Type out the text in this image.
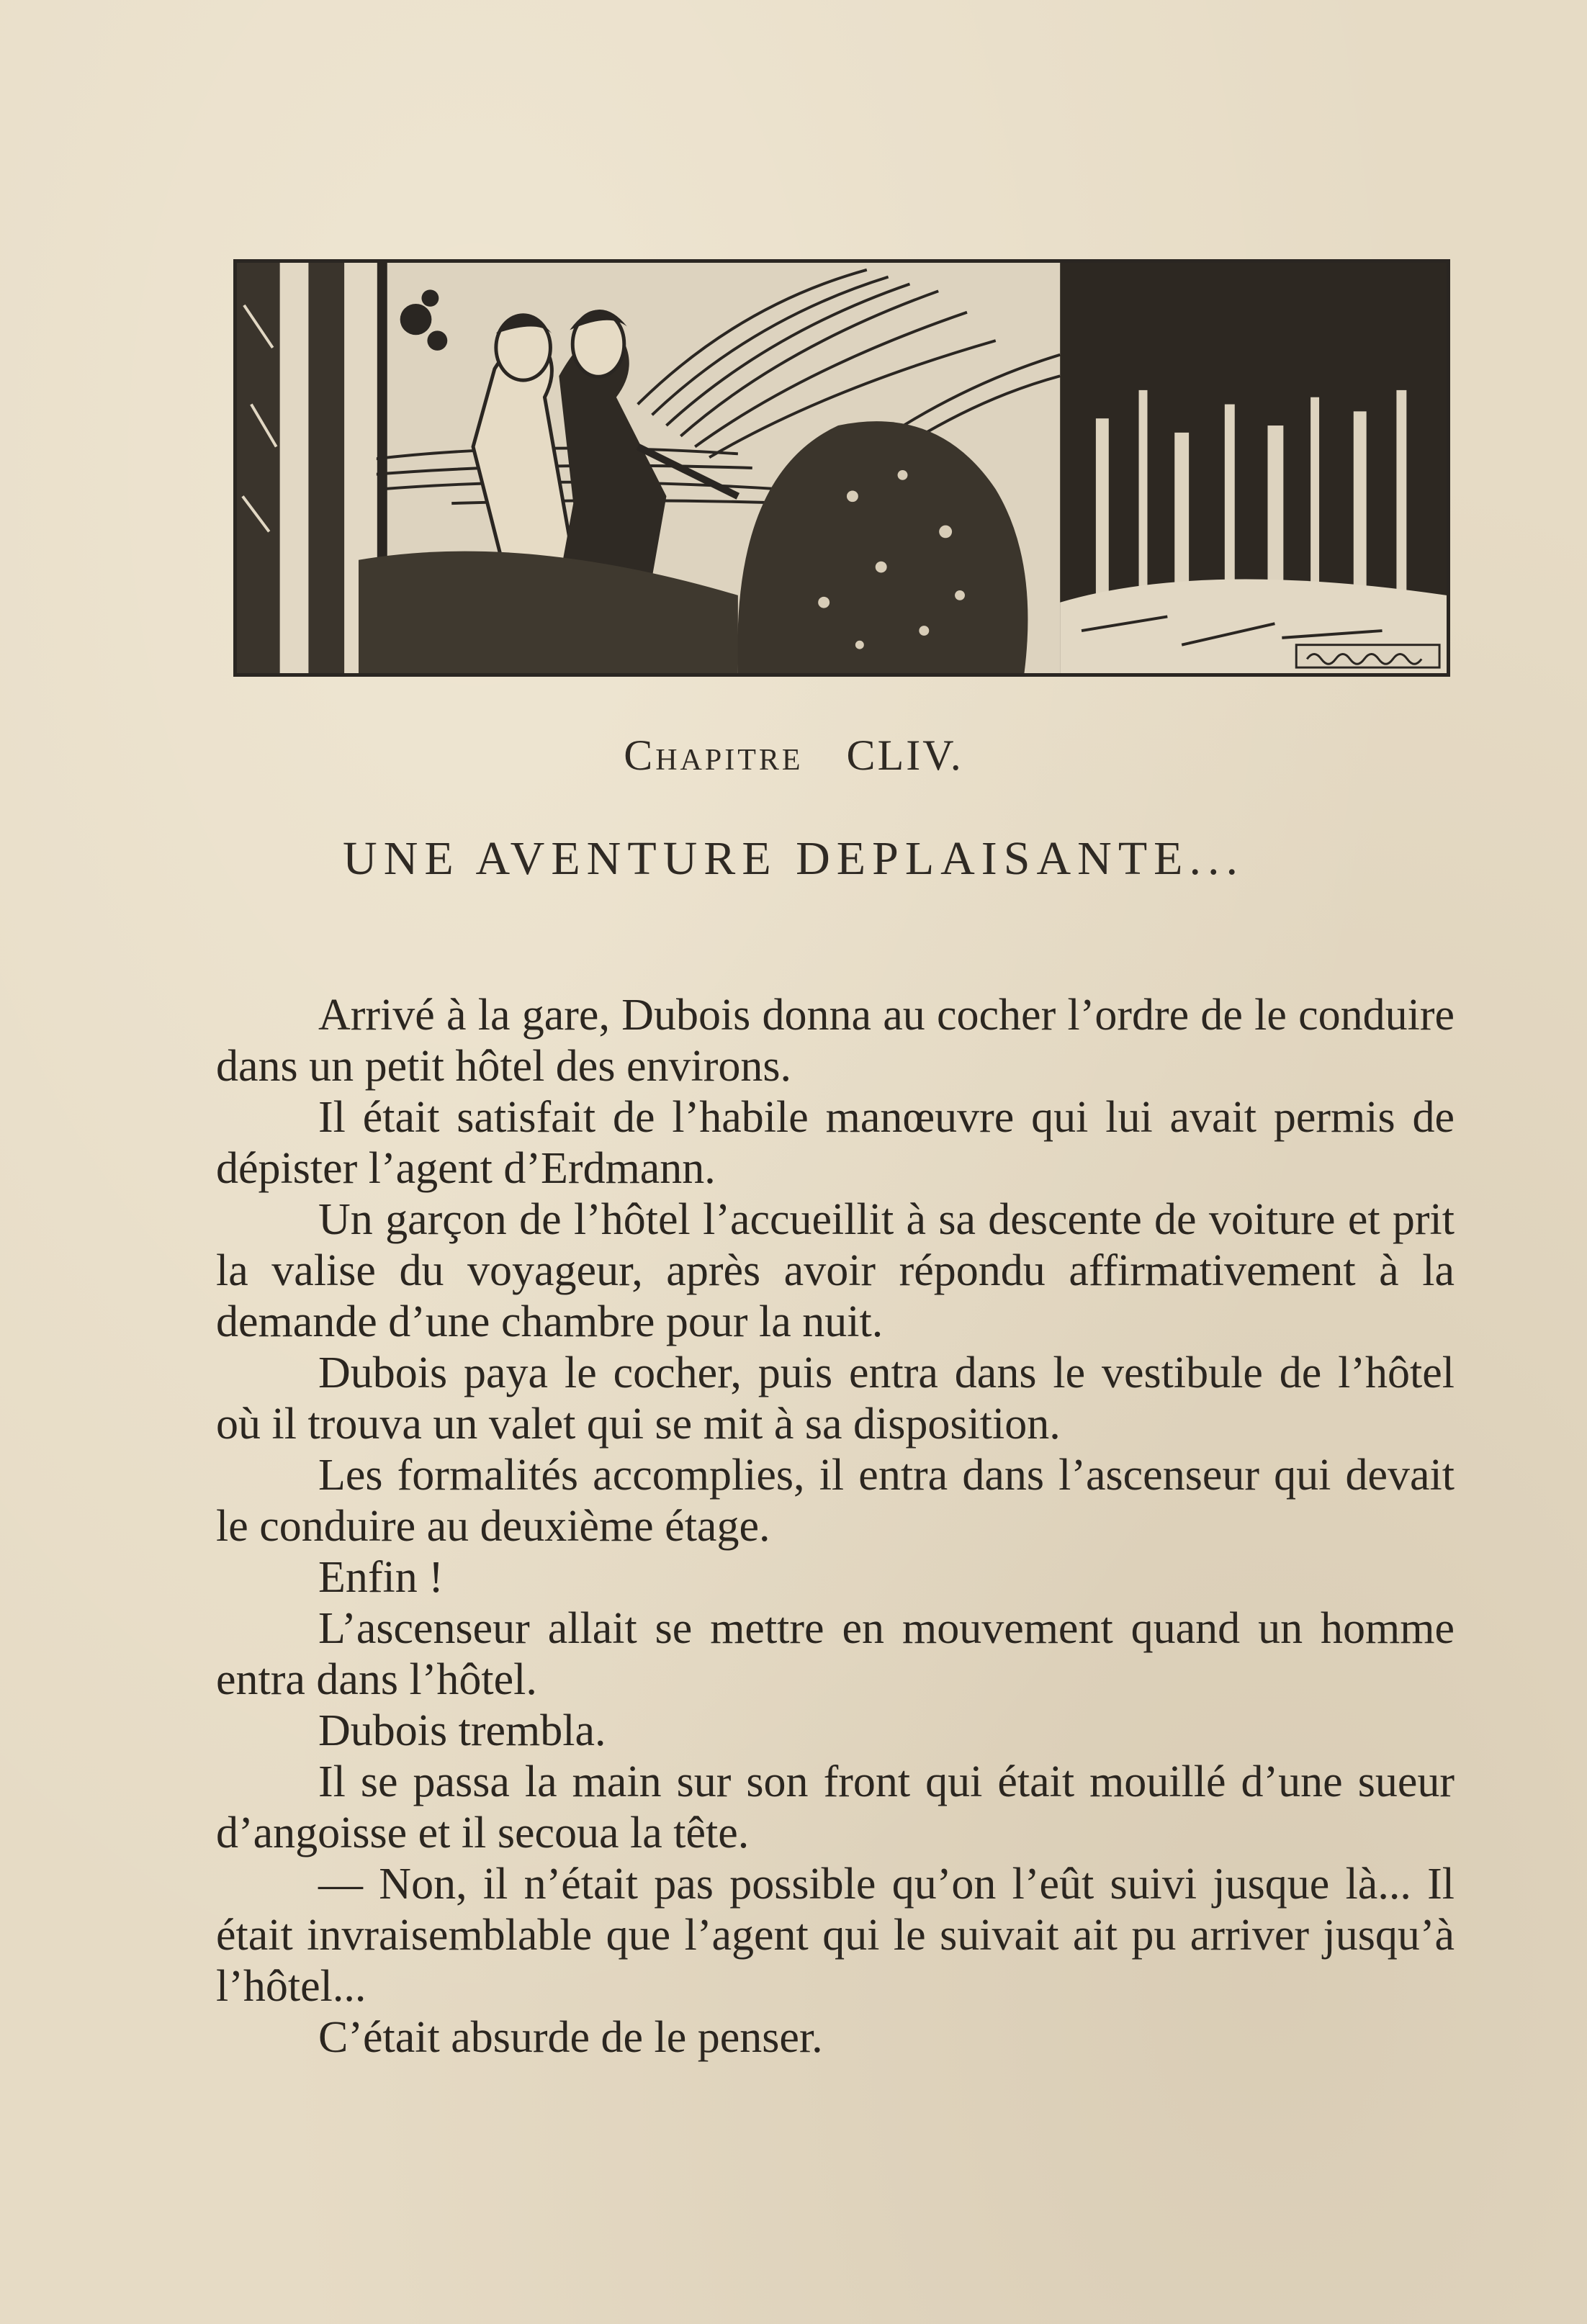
Chapitre CLIV.
UNE AVENTURE DEPLAISANTE...

Arrivé à la gare, Dubois donna au cocher l’ordre de le conduire dans un petit hôtel des environs.

Il était satisfait de l’habile manœuvre qui lui avait permis de dépister l’agent d’Erdmann.

Un garçon de l’hôtel l’accueillit à sa descente de voiture et prit la valise du voyageur, après avoir répondu affirmativement à la demande d’une chambre pour la nuit.

Dubois paya le cocher, puis entra dans le vestibule de l’hôtel où il trouva un valet qui se mit à sa disposition.

Les formalités accomplies, il entra dans l’ascenseur qui devait le conduire au deuxième étage.

Enfin !

L’ascenseur allait se mettre en mouvement quand un homme entra dans l’hôtel.

Dubois trembla.

Il se passa la main sur son front qui était mouillé d’une sueur d’angoisse et il secoua la tête.

— Non, il n’était pas possible qu’on l’eût suivi jusque là... Il était invraisemblable que l’agent qui le suivait ait pu arriver jusqu’à l’hôtel...

C’était absurde de le penser.
